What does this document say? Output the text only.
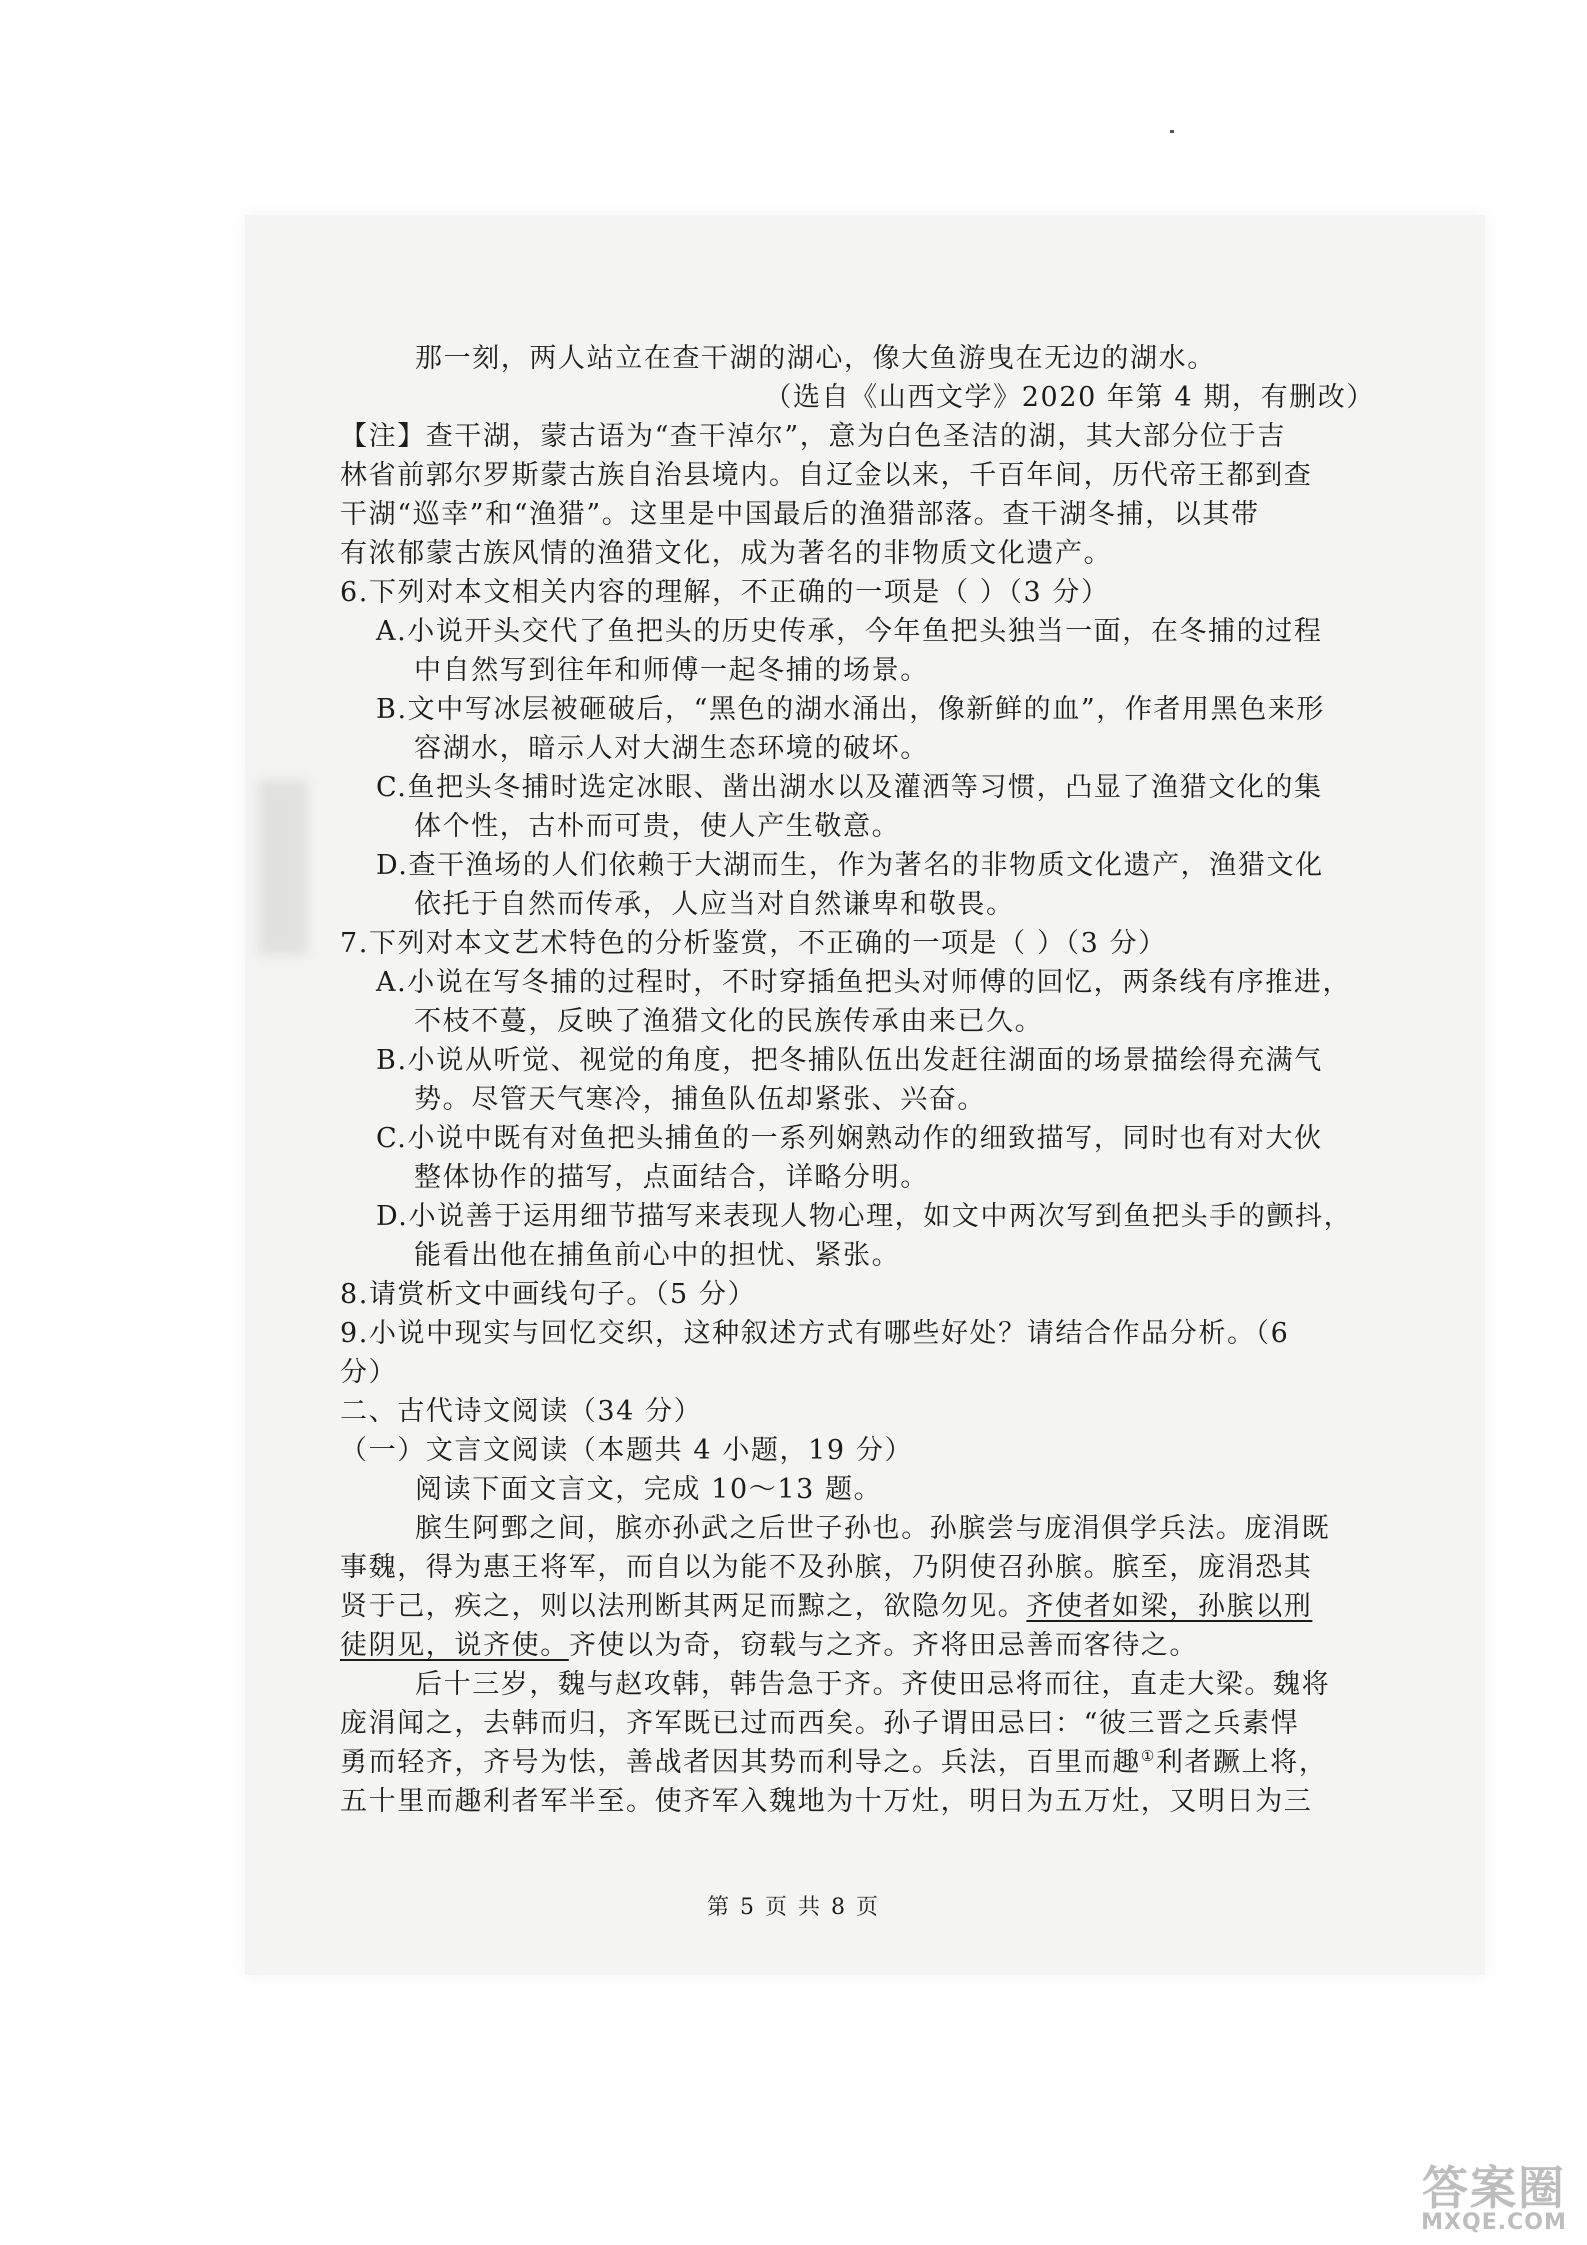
那一刻，两人站立在查干湖的湖心，像大鱼游曳在无边的湖水。
（选自《山西文学》2020 年第 4 期，有删改）
【注】查干湖，蒙古语为“查干淖尔”，意为白色圣洁的湖，其大部分位于吉
林省前郭尔罗斯蒙古族自治县境内。自辽金以来，千百年间，历代帝王都到查
干湖“巡幸”和“渔猎”。这里是中国最后的渔猎部落。查干湖冬捕，以其带
有浓郁蒙古族风情的渔猎文化，成为著名的非物质文化遗产。
6.下列对本文相关内容的理解，不正确的一项是（ ）（3 分）
A.小说开头交代了鱼把头的历史传承，今年鱼把头独当一面，在冬捕的过程
中自然写到往年和师傅一起冬捕的场景。
B.文中写冰层被砸破后，“黑色的湖水涌出，像新鲜的血”，作者用黑色来形
容湖水，暗示人对大湖生态环境的破坏。
C.鱼把头冬捕时选定冰眼、凿出湖水以及灌洒等习惯，凸显了渔猎文化的集
体个性，古朴而可贵，使人产生敬意。
D.查干渔场的人们依赖于大湖而生，作为著名的非物质文化遗产，渔猎文化
依托于自然而传承，人应当对自然谦卑和敬畏。
7.下列对本文艺术特色的分析鉴赏，不正确的一项是（ ）（3 分）
A.小说在写冬捕的过程时，不时穿插鱼把头对师傅的回忆，两条线有序推进，
不枝不蔓，反映了渔猎文化的民族传承由来已久。
B.小说从听觉、视觉的角度，把冬捕队伍出发赶往湖面的场景描绘得充满气
势。尽管天气寒冷，捕鱼队伍却紧张、兴奋。
C.小说中既有对鱼把头捕鱼的一系列娴熟动作的细致描写，同时也有对大伙
整体协作的描写，点面结合，详略分明。
D.小说善于运用细节描写来表现人物心理，如文中两次写到鱼把头手的颤抖，
能看出他在捕鱼前心中的担忧、紧张。
8.请赏析文中画线句子。（5 分）
9.小说中现实与回忆交织，这种叙述方式有哪些好处？请结合作品分析。（6
分）
二、古代诗文阅读（34 分）
（一）文言文阅读（本题共 4 小题，19 分）
阅读下面文言文，完成 10～13 题。
膑生阿鄄之间，膑亦孙武之后世子孙也。孙膑尝与庞涓俱学兵法。庞涓既
事魏，得为惠王将军，而自以为能不及孙膑，乃阴使召孙膑。膑至，庞涓恐其
贤于己，疾之，则以法刑断其两足而黥之，欲隐勿见。齐使者如梁，孙膑以刑
徒阴见，说齐使。齐使以为奇，窃载与之齐。齐将田忌善而客待之。
后十三岁，魏与赵攻韩，韩告急于齐。齐使田忌将而往，直走大梁。魏将
庞涓闻之，去韩而归，齐军既已过而西矣。孙子谓田忌曰：“彼三晋之兵素悍
勇而轻齐，齐号为怯，善战者因其势而利导之。兵法，百里而趣①利者蹶上将，
五十里而趣利者军半至。使齐军入魏地为十万灶，明日为五万灶，又明日为三
第 5 页 共 8 页
答案圈
MXQE.COM
